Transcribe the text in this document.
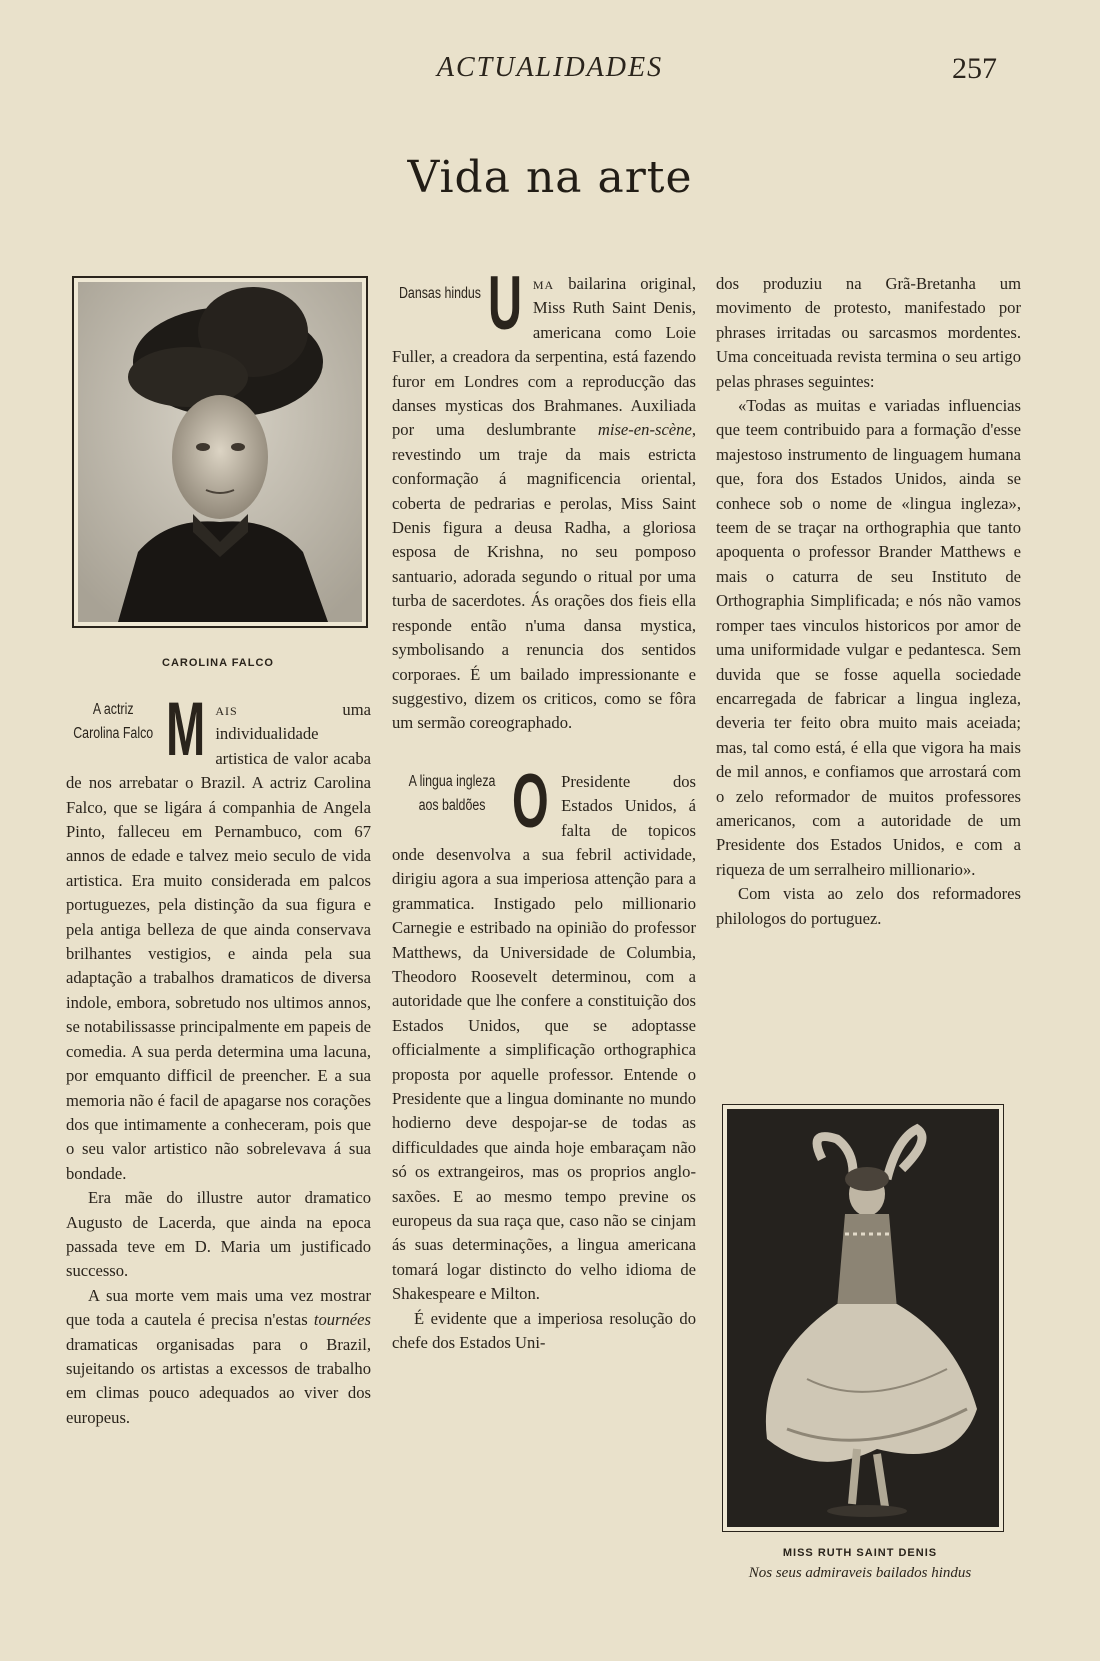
ACTUALIDADES	257
Vida na arte
CAROLINA FALCO
A actriz
Carolina Falco M ais	uma individualidade artistica de valor acaba de nos arrebatar o Brazil. A actriz Carolina Falco, que se ligára á companhia de Angela Pinto, falleceu em Pernambuco, com 67 annos de edade e talvez meio seculo de vida artistica. Era muito considerada em palcos portuguezes, pela distinção da sua figura e pela antiga belleza de que ainda conservava brilhantes vestigios, e ainda pela sua adaptação a trabalhos dramaticos de diversa indole, embora, sobretudo nos ultimos annos, se notabilissasse principalmente em papeis de comedia. A sua perda determina uma lacuna, por emquanto difficil de preencher. E a sua memoria não é facil de apagarse nos corações dos que intimamente a conheceram, pois que o seu valor artistico não sobrelevava á sua bondade.

Era mãe do illustre autor dramatico Augusto de Lacerda, que ainda na epoca passada teve em D. Maria um justificado successo.

A sua morte vem mais uma vez mostrar que toda a cautela é precisa n'estas tournées dramaticas organisadas para o Brazil, sujeitando os artistas a excessos de trabalho em climas pouco adequados ao viver dos europeus.

Dansas hindus U ma bailarina original, Miss Ruth Saint Denis, americana como Loie Fuller, a creadora da serpentina, está fazendo furor em Londres com a reproducção das danses mysticas dos Brahmanes. Auxiliada por uma deslumbrante mise-en-scène, revestindo um traje da mais estricta conformação á magnificencia oriental, coberta de pedrarias e perolas, Miss Saint Denis figura a deusa Radha, a gloriosa esposa de Krishna, no seu pomposo santuario, adorada segundo o ritual por uma turba de sacerdotes. Ás orações dos fieis ella responde então n'uma dansa mystica, symbolisando a renuncia dos sentidos corporaes. É um bailado impressionante e suggestivo, dizem os criticos, como se fôra um sermão coreographado.

A lingua ingleza
aos baldões O Presidente dos Estados Unidos, á falta de topicos onde desenvolva a sua febril actividade, dirigiu agora a sua imperiosa attenção para a grammatica. Instigado pelo millionario Carnegie e estribado na opinião do professor Matthews, da Universidade de Columbia, Theodoro Roosevelt determinou, com a autoridade que lhe confere a constituição dos Estados Unidos, que se adoptasse officialmente a simplificação orthographica proposta por aquelle professor. Entende o Presidente que a lingua dominante no mundo hodierno deve despojar-se de todas as difficuldades que ainda hoje embaraçam não só os extrangeiros, mas os proprios anglo-saxões. E ao mesmo tempo previne os europeus da sua raça que, caso não se cinjam ás suas determinações, a lingua americana tomará logar distincto do velho idioma de Shakespeare e Milton.

É evidente que a imperiosa resolução do chefe dos Estados Uni-

dos produziu na Grã-Bretanha um movimento de protesto, manifestado por phrases irritadas ou sarcasmos mordentes. Uma conceituada revista termina o seu artigo pelas phrases seguintes:

«Todas as muitas e variadas influencias que teem contribuido para a formação d'esse majestoso instrumento de linguagem humana que, fora dos Estados Unidos, ainda se conhece sob o nome de «lingua ingleza», teem de se traçar na orthographia que tanto apoquenta o professor Brander Matthews e mais o caturra de seu Instituto de Orthographia Simplificada; e nós não vamos romper taes vinculos historicos por amor de uma uniformidade vulgar e pedantesca. Sem duvida que se fosse aquella sociedade encarregada de fabricar a lingua ingleza, deveria ter feito obra muito mais aceiada; mas, tal como está, é ella que vigora ha mais de mil annos, e confiamos que arrostará com o zelo reformador de muitos professores americanos, com a autoridade de um Presidente dos Estados Unidos, e com a riqueza de um serralheiro millionario».

Com vista ao zelo dos reformadores philologos do portuguez.

MISS RUTH SAINT DENIS
Nos seus admiraveis bailados hindus
